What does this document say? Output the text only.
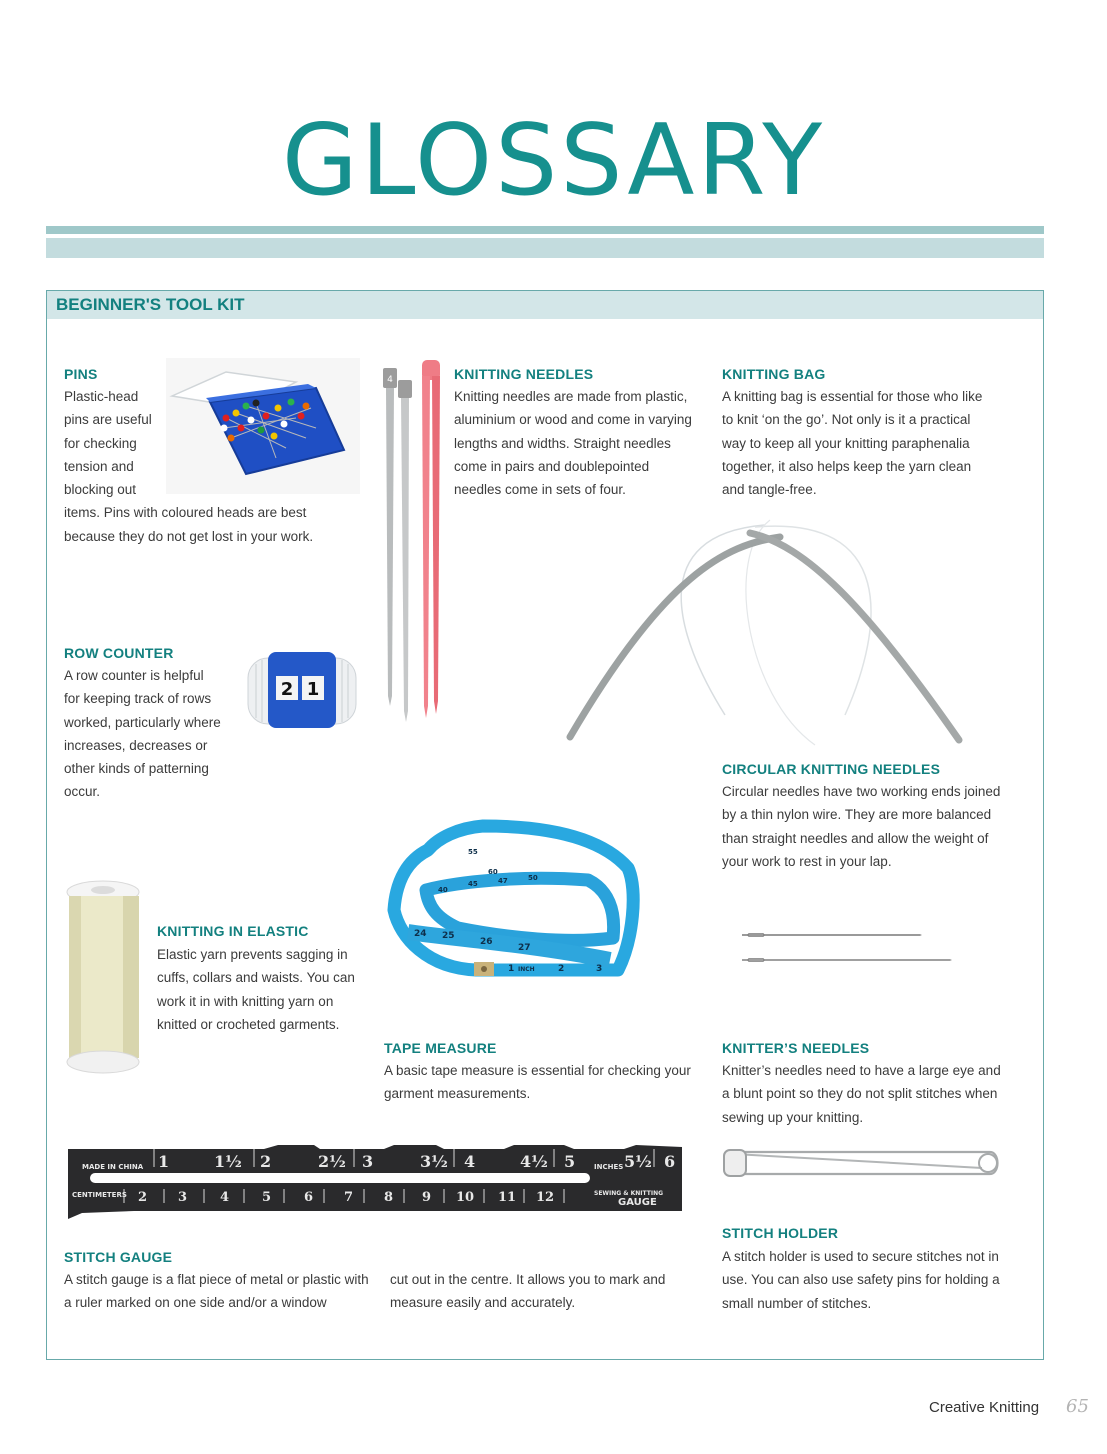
GLOSSARY
BEGINNER'S TOOL KIT
4
2 1
24 25
26
27
1 INCH	2	3
40
45	47	50
55
60
MADE IN CHINA 1	1½ 2	2½ 3	3½ 4	4½ 5	INCHES 5½ 6
CENTIMETERS 2 3	4	5	6 7 8 9 10 11 12	SEWING & KNITTING
GAUGE
PINS
Plastic-head
pins are useful
for checking
tension and
blocking out
items. Pins with coloured heads are best
because they do not get lost in your work.
KNITTING NEEDLES
Knitting needles are made from plastic,
aluminium or wood and come in varying
lengths and widths. Straight needles
come in pairs and doublepointed
needles come in sets of four.
KNITTING BAG
A knitting bag is essential for those who like
to knit ‘on the go’. Not only is it a practical
way to keep all your knitting paraphenalia
together, it also helps keep the yarn clean
and tangle-free.
ROW COUNTER
A row counter is helpful
for keeping track of rows
worked, particularly where
increases, decreases or
other kinds of patterning
occur.
CIRCULAR KNITTING NEEDLES
Circular needles have two working ends joined
by a thin nylon wire. They are more balanced
than straight needles and allow the weight of
your work to rest in your lap.
KNITTING IN ELASTIC
Elastic yarn prevents sagging in
cuffs, collars and waists. You can
work it in with knitting yarn on
knitted or crocheted garments.
TAPE MEASURE
A basic tape measure is essential for checking your
garment measurements.
KNITTER’S NEEDLES
Knitter’s needles need to have a large eye and
a blunt point so they do not split stitches when
sewing up your knitting.
STITCH HOLDER
A stitch holder is used to secure stitches not in
use. You can also use safety pins for holding a
small number of stitches.
STITCH GAUGE
A stitch gauge is a flat piece of metal or plastic with
a ruler marked on one side and/or a window
cut out in the centre. It allows you to mark and
measure easily and accurately.
Creative Knitting 65
